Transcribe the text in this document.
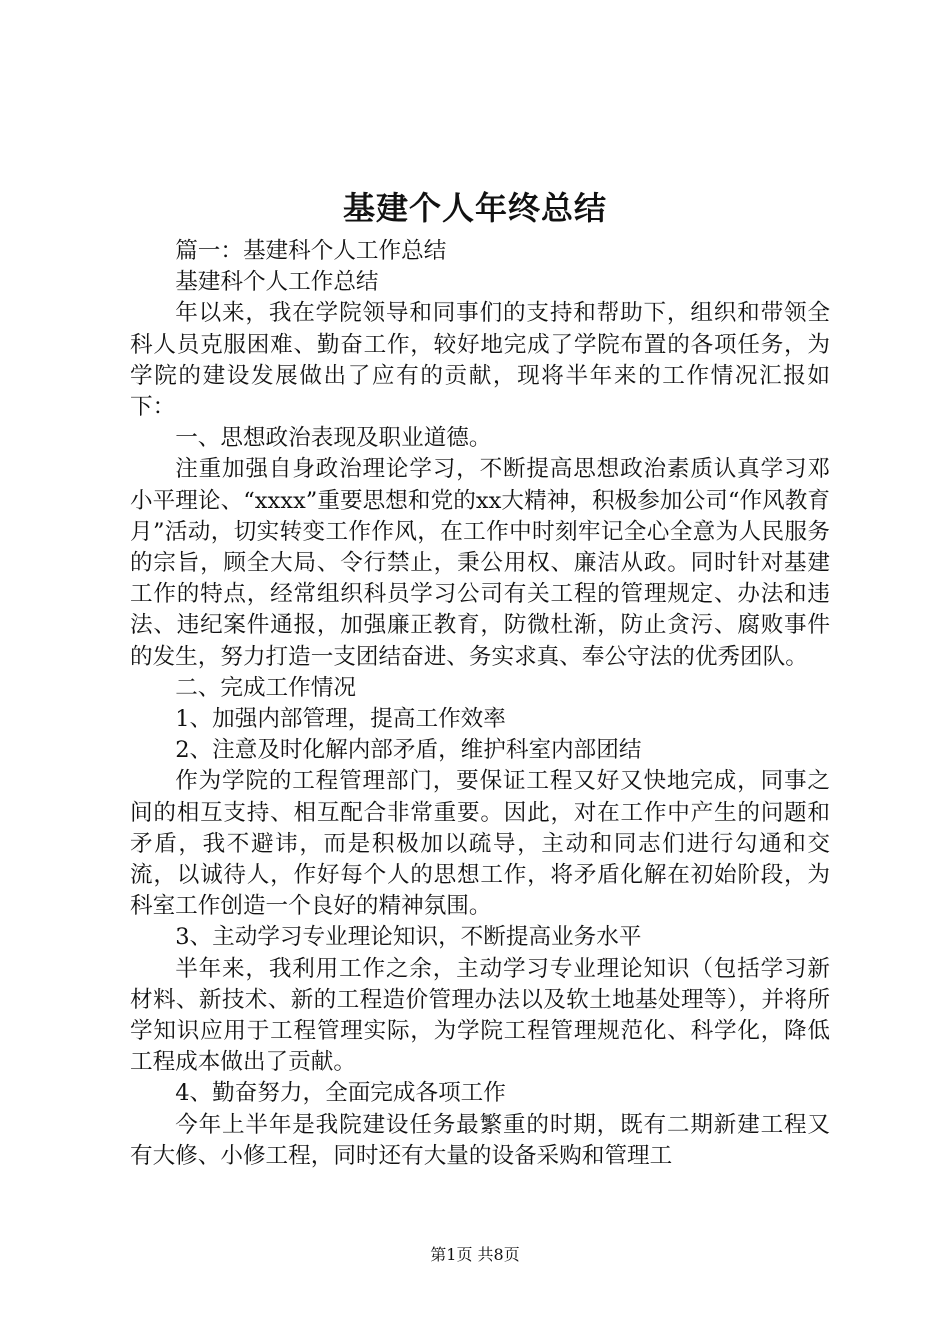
基建个人年终总结

篇一：基建科个人工作总结

基建科个人工作总结

年以来，我在学院领导和同事们的支持和帮助下，组织和带领全科人员克服困难、勤奋工作，较好地完成了学院布置的各项任务，为学院的建设发展做出了应有的贡献，现将半年来的工作情况汇报如下：

一、思想政治表现及职业道德。

注重加强自身政治理论学习，不断提高思想政治素质认真学习邓小平理论、“xxxx”重要思想和党的xx大精神，积极参加公司“作风教育月”活动，切实转变工作作风，在工作中时刻牢记全心全意为人民服务的宗旨，顾全大局、令行禁止，秉公用权、廉洁从政。同时针对基建工作的特点，经常组织科员学习公司有关工程的管理规定、办法和违法、违纪案件通报，加强廉正教育，防微杜渐，防止贪污、腐败事件的发生，努力打造一支团结奋进、务实求真、奉公守法的优秀团队。

二、完成工作情况

1、加强内部管理，提高工作效率

2、注意及时化解内部矛盾，维护科室内部团结

作为学院的工程管理部门，要保证工程又好又快地完成，同事之间的相互支持、相互配合非常重要。因此，对在工作中产生的问题和矛盾，我不避讳，而是积极加以疏导，主动和同志们进行勾通和交流，以诚待人，作好每个人的思想工作，将矛盾化解在初始阶段，为科室工作创造一个良好的精神氛围。

3、主动学习专业理论知识，不断提高业务水平

半年来，我利用工作之余，主动学习专业理论知识（包括学习新材料、新技术、新的工程造价管理办法以及软土地基处理等），并将所学知识应用于工程管理实际，为学院工程管理规范化、科学化，降低工程成本做出了贡献。

4、勤奋努力，全面完成各项工作

今年上半年是我院建设任务最繁重的时期，既有二期新建工程又有大修、小修工程，同时还有大量的设备采购和管理工

第1页 共8页
